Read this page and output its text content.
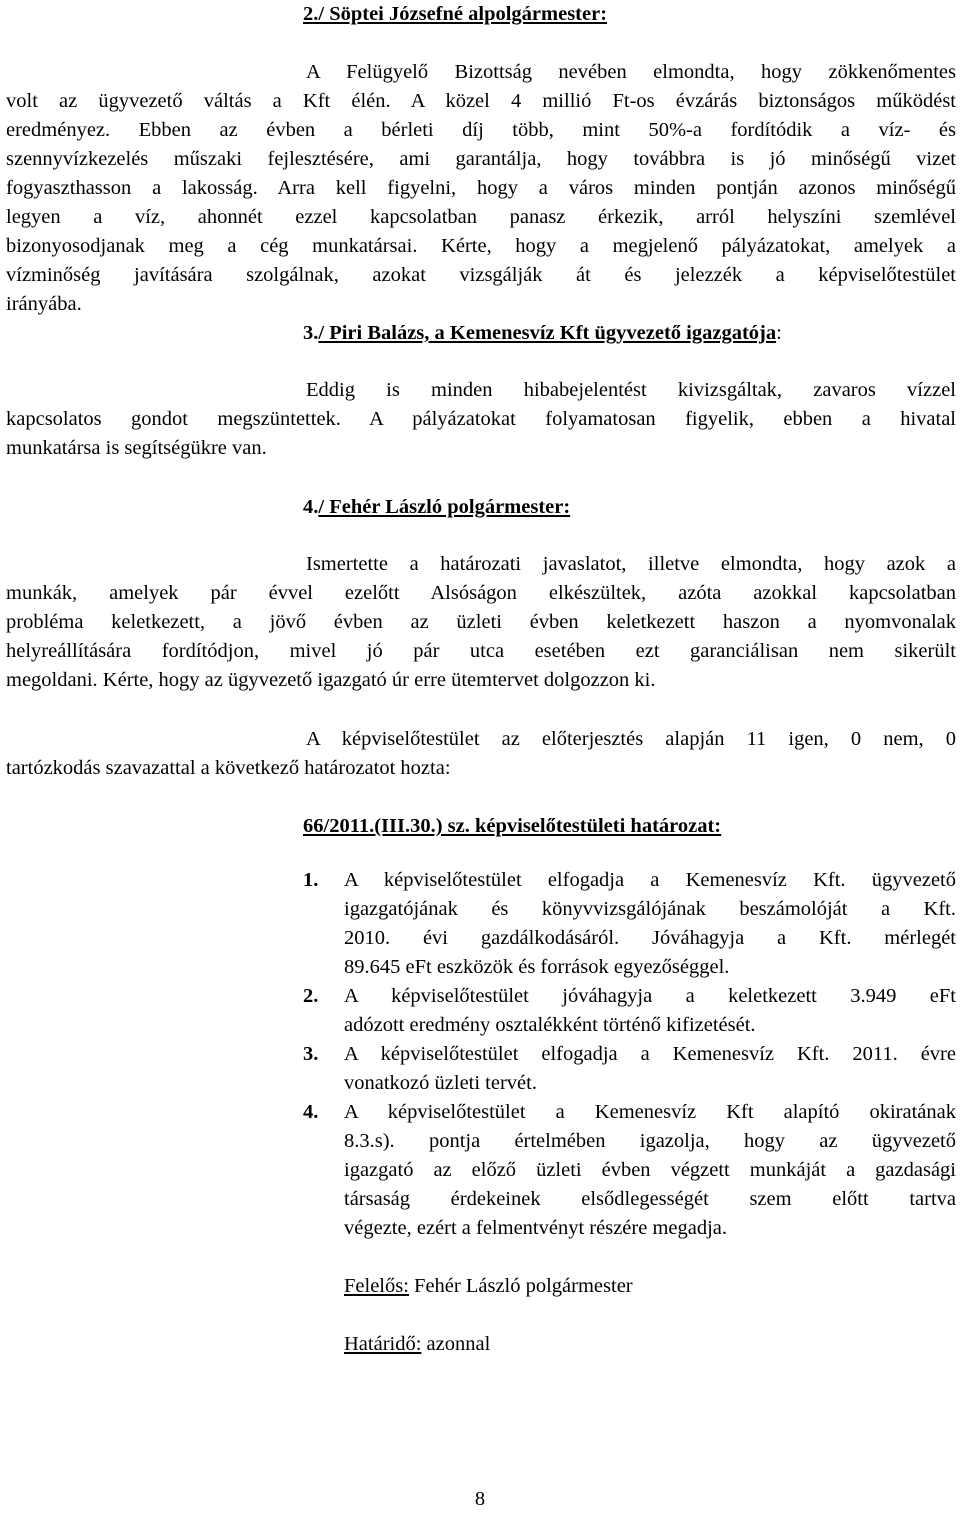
2./ Söptei Józsefné alpolgármester:

A Felügyelő Bizottság nevében elmondta, hogy zökkenőmentes

volt az ügyvezető váltás a Kft élén. A közel 4 millió Ft-os évzárás biztonságos működést

eredményez. Ebben az évben a bérleti díj több, mint 50%-a fordítódik a víz- és

szennyvízkezelés műszaki fejlesztésére, ami garantálja, hogy továbbra is jó minőségű vizet

fogyaszthasson a lakosság. Arra kell figyelni, hogy a város minden pontján azonos minőségű

legyen a víz, ahonnét ezzel kapcsolatban panasz érkezik, arról helyszíni szemlével

bizonyosodjanak meg a cég munkatársai. Kérte, hogy a megjelenő pályázatokat, amelyek a

vízminőség javítására szolgálnak, azokat vizsgálják át és jelezzék a képviselőtestület

irányába.

3./ Piri Balázs, a Kemenesvíz Kft ügyvezető igazgatója:

Eddig is minden hibabejelentést kivizsgáltak, zavaros vízzel

kapcsolatos gondot megszüntettek. A pályázatokat folyamatosan figyelik, ebben a hivatal

munkatársa is segítségükre van.

4./ Fehér László polgármester:

Ismertette a határozati javaslatot, illetve elmondta, hogy azok a

munkák, amelyek pár évvel ezelőtt Alsóságon elkészültek, azóta azokkal kapcsolatban

probléma keletkezett, a jövő évben az üzleti évben keletkezett haszon a nyomvonalak

helyreállítására fordítódjon, mivel jó pár utca esetében ezt garanciálisan nem sikerült

megoldani. Kérte, hogy az ügyvezető igazgató úr erre ütemtervet dolgozzon ki.

A képviselőtestület az előterjesztés alapján 11 igen, 0 nem, 0

tartózkodás szavazattal a következő határozatot hozta:

66/2011.(III.30.) sz. képviselőtestületi határozat:
1. A képviselőtestület elfogadja a Kemenesvíz Kft. ügyvezető

igazgatójának és könyvvizsgálójának beszámolóját a Kft.

2010. évi gazdálkodásáról. Jóváhagyja a Kft. mérlegét

89.645 eFt eszközök és források egyezőséggel.

2. A képviselőtestület jóváhagyja a keletkezett 3.949 eFt

adózott eredmény osztalékként történő kifizetését.

3. A képviselőtestület elfogadja a Kemenesvíz Kft. 2011. évre

vonatkozó üzleti tervét.

4. A képviselőtestület a Kemenesvíz Kft alapító okiratának

8.3.s). pontja értelmében igazolja, hogy az ügyvezető

igazgató az előző üzleti évben végzett munkáját a gazdasági

társaság érdekeinek elsődlegességét szem előtt tartva

végezte, ezért a felmentvényt részére megadja.

Felelős: Fehér László polgármester
Határidő: azonnal
8
